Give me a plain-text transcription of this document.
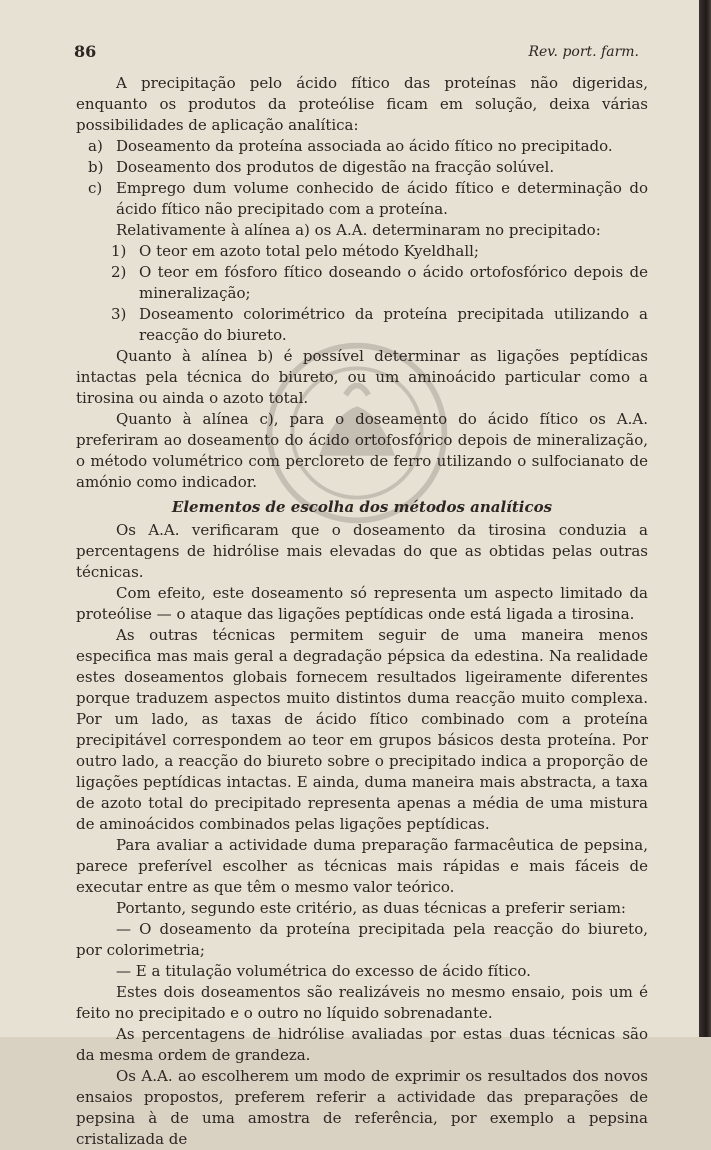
86	Rev. port. farm.

A precipitação pelo ácido fítico das proteínas não digeridas, enquanto os produtos da proteólise ficam em solução, deixa várias possibilidades de aplicação analítica:

a) Doseamento da proteína associada ao ácido fítico no precipitado.
b) Doseamento dos produtos de digestão na fracção solúvel.
c) Emprego dum volume conhecido de ácido fítico e determinação do ácido fítico não precipitado com a proteína.

Relativamente à alínea a) os A.A. determinaram no precipitado:

1) O teor em azoto total pelo método Kyeldhall;
2) O teor em fósforo fítico doseando o ácido ortofosfórico depois de mineralização;
3) Doseamento colorimétrico da proteína precipitada utilizando a reacção do biureto.

Quanto à alínea b) é possível determinar as ligações peptídicas intactas pela técnica do biureto, ou um aminoácido particular como a tirosina ou ainda o azoto total.

Quanto à alínea c), para o doseamento do ácido fítico os A.A. preferiram ao doseamento do ácido ortofosfórico depois de mineralização, o método volumétrico com percloreto de ferro utilizando o sulfocianato de amónio como indicador.

Elementos de escolha dos métodos analíticos

Os A.A. verificaram que o doseamento da tirosina conduzia a percentagens de hidrólise mais elevadas do que as obtidas pelas outras técnicas.

Com efeito, este doseamento só representa um aspecto limitado da proteólise — o ataque das ligações peptídicas onde está ligada a tirosina.

As outras técnicas permitem seguir de uma maneira menos especifica mas mais geral a degradação pépsica da edestina. Na realidade estes doseamentos globais fornecem resultados ligeiramente diferentes porque traduzem aspectos muito distintos duma reacção muito complexa. Por um lado, as taxas de ácido fítico combinado com a proteína precipitável correspondem ao teor em grupos básicos desta proteína. Por outro lado, a reacção do biureto sobre o precipitado indica a proporção de ligações peptídicas intactas. E ainda, duma maneira mais abstracta, a taxa de azoto total do precipitado representa apenas a média de uma mistura de aminoácidos combinados pelas ligações peptídicas.

Para avaliar a actividade duma preparação farmacêutica de pepsina, parece preferível escolher as técnicas mais rápidas e mais fáceis de executar entre as que têm o mesmo valor teórico.

Portanto, segundo este critério, as duas técnicas a preferir seriam:

— O doseamento da proteína precipitada pela reacção do biureto, por colorimetria;

— E a titulação volumétrica do excesso de ácido fítico.

Estes dois doseamentos são realizáveis no mesmo ensaio, pois um é feito no precipitado e o outro no líquido sobrenadante.

As percentagens de hidrólise avaliadas por estas duas técnicas são da mesma ordem de grandeza.

Os A.A. ao escolherem um modo de exprimir os resultados dos novos ensaios propostos, preferem referir a actividade das preparações de pepsina à de uma amostra de referência, por exemplo a pepsina cristalizada de
